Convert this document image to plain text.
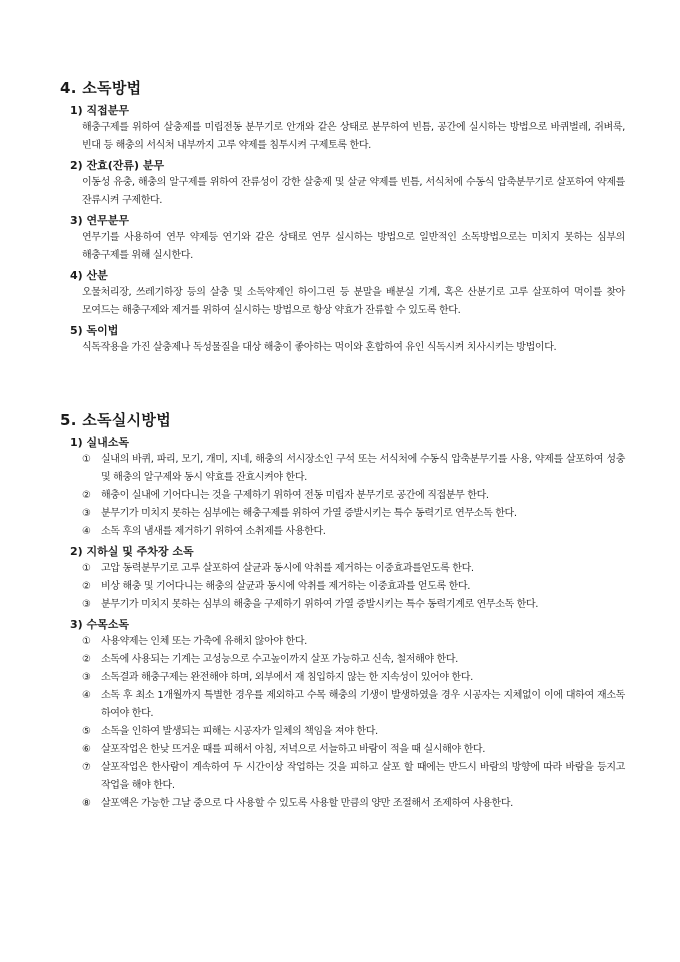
4. 소독방법
1) 직접분무
해충구제를 위하여 살충제를 미립전동 분무기로 안개와 같은 상태로 분무하여 빈틈, 공간에 실시하는 방법으로 바퀴벌레, 쥐벼룩, 빈대 등 해충의 서식처 내부까지 고루 약제를 침투시켜 구제토록 한다.
2) 잔효(잔류) 분무
이동성 유충, 해충의 알구제를 위하여 잔류성이 강한 살충제 및 살균 약제를 빈틈, 서식처에 수동식 압축분무기로 살포하여 약제를 잔류시켜 구제한다.
3) 연무분무
연무기를 사용하여 연무 약제등 연기와 같은 상태로 연무 실시하는 방법으로 일반적인 소독방법으로는 미치지 못하는 심부의 해충구제를 위해 실시한다.
4) 산분
오물처리장, 쓰레기하장 등의 살충 및 소독약제인 하이그린 등 분말을 배분실 기계, 혹은 산분기로 고루 살포하여 먹이를 찾아 모여드는 해충구제와 제거를 위하여 실시하는 방법으로 항상 약효가 잔류할 수 있도록 한다.
5) 독이법
식독작용을 가진 살충제나 독성물질을 대상 해충이 좋아하는 먹이와 혼합하여 유인 식독시켜 치사시키는 방법이다.
5. 소독실시방법
1) 실내소독
① 실내의 바퀴, 파리, 모기, 개미, 지네, 해충의 서시장소인 구석 또는 서식처에 수동식 압축분무기를 사용, 약제를 살포하여 성충 및 해충의 알구제와 동시 약효를 잔효시켜야 한다.
② 해충이 실내에 기어다니는 것을 구제하기 위하여 전동 미립자 분무기로 공간에 직접분무 한다.
③ 분무기가 미치지 못하는 심부에는 해충구제를 위하여 가열 증발시키는 특수 동력기로 연무소독 한다.
④ 소독 후의 냄새를 제거하기 위하여 소취제를 사용한다.
2) 지하실 및 주차장 소독
① 고압 동력분무기로 고루 살포하여 살균과 동시에 악취를 제거하는 이중효과를얻도록 한다.
② 비상 해충 및 기어다니는 해충의 살균과 동시에 악취를 제거하는 이중효과를 얻도록 한다.
③ 분무기가 미치지 못하는 심부의 해충을 구제하기 위하여 가열 증발시키는 특수 동력기계로 연무소독 한다.
3) 수목소독
① 사용약제는 인체 또는 가축에 유해치 않아야 한다.
② 소독에 사용되는 기계는 고성능으로 수고높이까지 살포 가능하고 신속, 철저해야 한다.
③ 소독결과 해충구제는 완전해야 하며, 외부에서 재 침입하지 않는 한 지속성이 있어야 한다.
④ 소독 후 최소 1개월까지 특별한 경우를 제외하고 수목 해충의 기생이 발생하였을 경우 시공자는 지체없이 이에 대하여 재소독 하여야 한다.
⑤ 소독을 인하여 발생되는 피해는 시공자가 일체의 책임을 져야 한다.
⑥ 살포작업은 한낮 뜨거운 때를 피해서 아침, 저녁으로 서늘하고 바람이 적을 때 실시해야 한다.
⑦ 살포작업은 한사람이 계속하여 두 시간이상 작업하는 것을 피하고 살포 할 때에는 반드시 바람의 방향에 따라 바람을 등지고 작업을 해야 한다.
⑧ 살포액은 가능한 그날 중으로 다 사용할 수 있도록 사용할 만큼의 양만 조절해서 조제하여 사용한다.
